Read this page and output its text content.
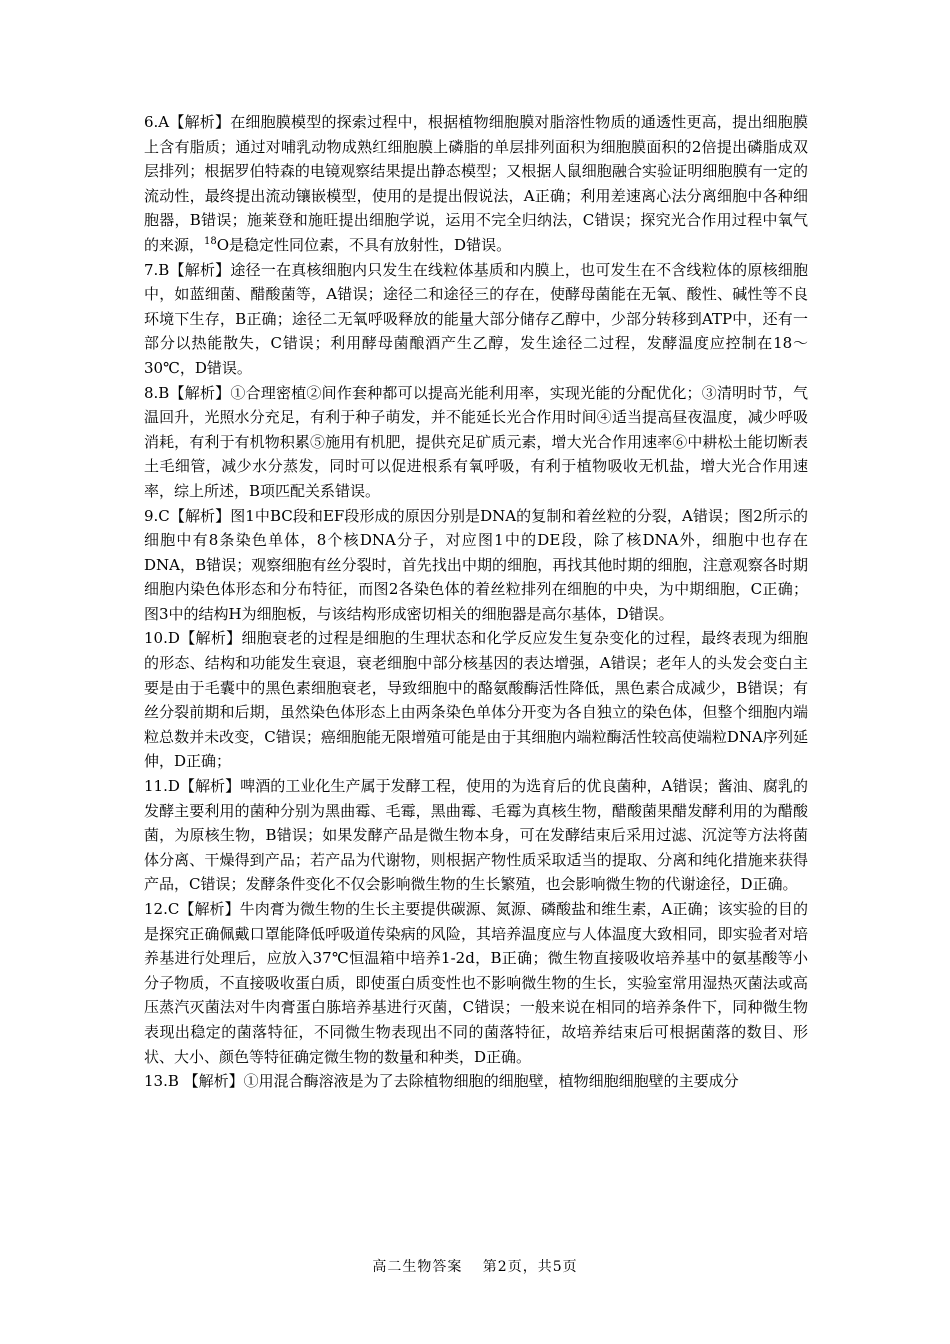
6.A【解析】在细胞膜模型的探索过程中，根据植物细胞膜对脂溶性物质的通透性更高，提出细胞膜上含有脂质；通过对哺乳动物成熟红细胞膜上磷脂的单层排列面积为细胞膜面积的2倍提出磷脂成双层排列；根据罗伯特森的电镜观察结果提出静态模型；又根据人鼠细胞融合实验证明细胞膜有一定的流动性，最终提出流动镶嵌模型，使用的是提出假说法，A正确；利用差速离心法分离细胞中各种细胞器，B错误；施莱登和施旺提出细胞学说，运用不完全归纳法，C错误；探究光合作用过程中氧气的来源，$^{18}$O是稳定性同位素，不具有放射性，D错误。

7.B【解析】途径一在真核细胞内只发生在线粒体基质和内膜上，也可发生在不含线粒体的原核细胞中，如蓝细菌、醋酸菌等，A错误；途径二和途径三的存在，使酵母菌能在无氧、酸性、碱性等不良环境下生存，B正确；途径二无氧呼吸释放的能量大部分储存乙醇中，少部分转移到ATP中，还有一部分以热能散失，C错误；利用酵母菌酿酒产生乙醇，发生途径二过程，发酵温度应控制在18～30℃，D错误。

8.B【解析】①合理密植②间作套种都可以提高光能利用率，实现光能的分配优化；③清明时节，气温回升，光照水分充足，有利于种子萌发，并不能延长光合作用时间④适当提高昼夜温度，减少呼吸消耗，有利于有机物积累⑤施用有机肥，提供充足矿质元素，增大光合作用速率⑥中耕松土能切断表土毛细管，减少水分蒸发，同时可以促进根系有氧呼吸，有利于植物吸收无机盐，增大光合作用速率，综上所述，B项匹配关系错误。

9.C【解析】图1中BC段和EF段形成的原因分别是DNA的复制和着丝粒的分裂，A错误；图2所示的细胞中有8条染色单体，8个核DNA分子，对应图1中的DE段，除了核DNA外，细胞中也存在DNA，B错误；观察细胞有丝分裂时，首先找出中期的细胞，再找其他时期的细胞，注意观察各时期细胞内染色体形态和分布特征，而图2各染色体的着丝粒排列在细胞的中央，为中期细胞，C正确；图3中的结构H为细胞板，与该结构形成密切相关的细胞器是高尔基体，D错误。

10.D【解析】细胞衰老的过程是细胞的生理状态和化学反应发生复杂变化的过程，最终表现为细胞的形态、结构和功能发生衰退，衰老细胞中部分核基因的表达增强，A错误；老年人的头发会变白主要是由于毛囊中的黑色素细胞衰老，导致细胞中的酪氨酸酶活性降低，黑色素合成减少，B错误；有丝分裂前期和后期，虽然染色体形态上由两条染色单体分开变为各自独立的染色体，但整个细胞内端粒总数并未改变，C错误；癌细胞能无限增殖可能是由于其细胞内端粒酶活性较高使端粒DNA序列延伸，D正确；

11.D【解析】啤酒的工业化生产属于发酵工程，使用的为选育后的优良菌种，A错误；酱油、腐乳的发酵主要利用的菌种分别为黑曲霉、毛霉，黑曲霉、毛霉为真核生物，醋酸菌果醋发酵利用的为醋酸菌，为原核生物，B错误；如果发酵产品是微生物本身，可在发酵结束后采用过滤、沉淀等方法将菌体分离、干燥得到产品；若产品为代谢物，则根据产物性质采取适当的提取、分离和纯化措施来获得产品，C错误；发酵条件变化不仅会影响微生物的生长繁殖，也会影响微生物的代谢途径，D正确。

12.C【解析】牛肉膏为微生物的生长主要提供碳源、氮源、磷酸盐和维生素，A正确；该实验的目的是探究正确佩戴口罩能降低呼吸道传染病的风险，其培养温度应与人体温度大致相同，即实验者对培养基进行处理后，应放入37℃恒温箱中培养1-2d，B正确；微生物直接吸收培养基中的氨基酸等小分子物质，不直接吸收蛋白质，即使蛋白质变性也不影响微生物的生长，实验室常用湿热灭菌法或高压蒸汽灭菌法对牛肉膏蛋白胨培养基进行灭菌，C错误；一般来说在相同的培养条件下，同种微生物表现出稳定的菌落特征，不同微生物表现出不同的菌落特征，故培养结束后可根据菌落的数目、形状、大小、颜色等特征确定微生物的数量和种类，D正确。

13.B 【解析】①用混合酶溶液是为了去除植物细胞的细胞壁，植物细胞细胞壁的主要成分

高二生物答案　 第2页，共5页
